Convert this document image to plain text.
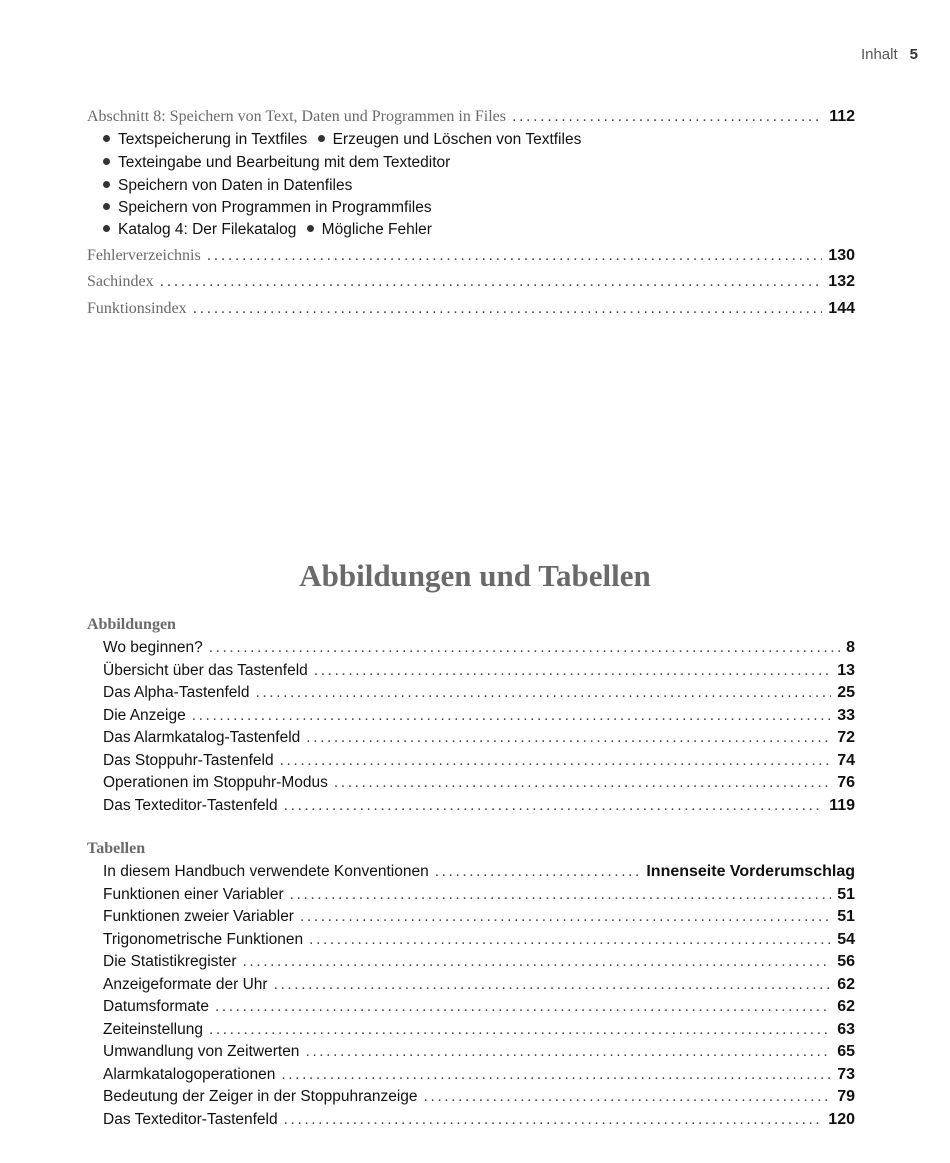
Inhalt 5
Abschnitt 8: Speichern von Text, Daten und Programmen in Files .....	112
Textspeicherung in Textfiles Erzeugen und Löschen von Textfiles
Texteingabe und Bearbeitung mit dem Texteditor
Speichern von Daten in Datenfiles
Speichern von Programmen in Programmfiles
Katalog 4: Der Filekatalog Mögliche Fehler
Fehlerverzeichnis .....	130
Sachindex .....	132
Funktionsindex .....	144
Abbildungen und Tabellen
Abbildungen
Wo beginnen? .....	8
Übersicht über das Tastenfeld .....	13
Das Alpha-Tastenfeld .....	25
Die Anzeige .....	33
Das Alarmkatalog-Tastenfeld .....	72
Das Stoppuhr-Tastenfeld .....	74
Operationen im Stoppuhr-Modus .....	76
Das Texteditor-Tastenfeld .....	119
Tabellen
In diesem Handbuch verwendete Konventionen .....	Innenseite Vorderumschlag
Funktionen einer Variabler .....	51
Funktionen zweier Variabler .....	51
Trigonometrische Funktionen .....	54
Die Statistikregister .....	56
Anzeigeformate der Uhr .....	62
Datumsformate .....	62
Zeiteinstellung .....	63
Umwandlung von Zeitwerten .....	65
Alarmkatalogoperationen .....	73
Bedeutung der Zeiger in der Stoppuhranzeige .....	79
Das Texteditor-Tastenfeld .....	120
